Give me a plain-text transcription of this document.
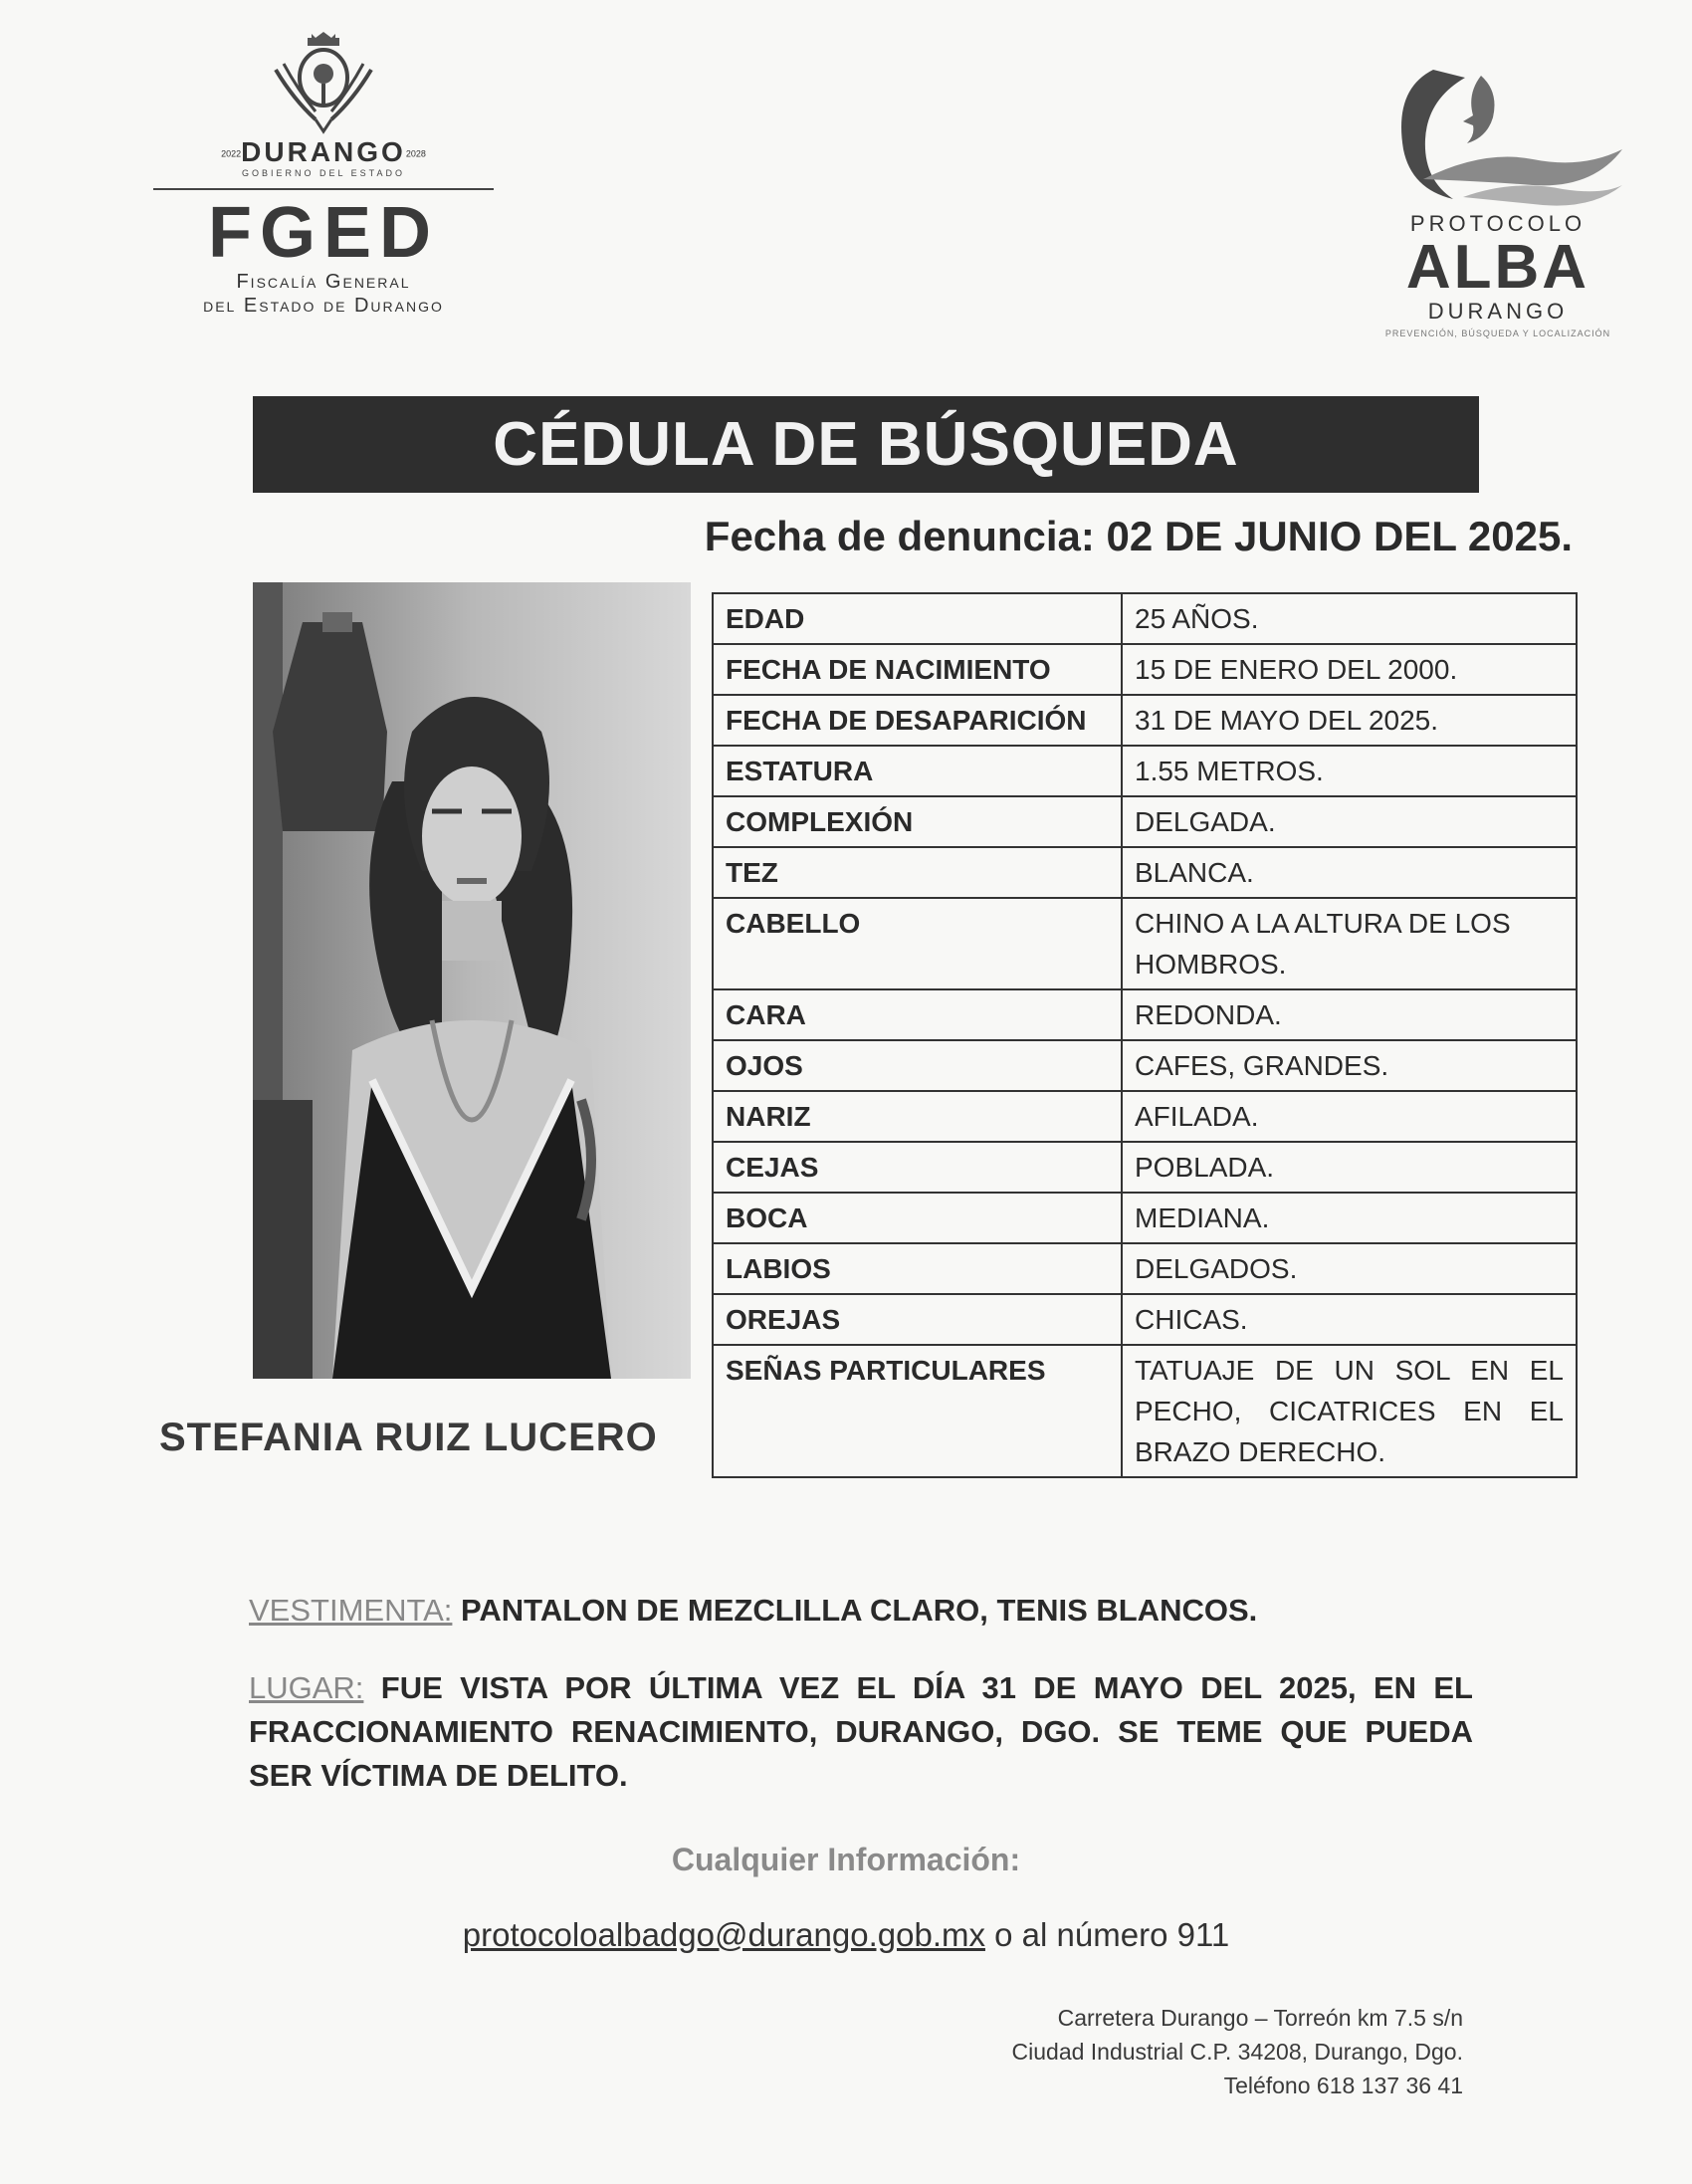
2022DURANGO2028
GOBIERNO DEL ESTADO
FGED
Fiscalía General
del Estado de Durango
PROTOCOLO
ALBA
DURANGO
PREVENCIÓN, BÚSQUEDA Y LOCALIZACIÓN
CÉDULA DE BÚSQUEDA
Fecha de denuncia: 02 DE JUNIO DEL 2025.
EDAD	25 AÑOS.
FECHA DE NACIMIENTO	15 DE ENERO DEL 2000.
FECHA DE DESAPARICIÓN	31 DE MAYO DEL 2025.
ESTATURA	1.55 METROS.
COMPLEXIÓN	DELGADA.
TEZ	BLANCA.
CABELLO	CHINO A LA ALTURA DE LOS HOMBROS.
CARA	REDONDA.
OJOS	CAFES, GRANDES.
NARIZ	AFILADA.
CEJAS	POBLADA.
BOCA	MEDIANA.
LABIOS	DELGADOS.
OREJAS	CHICAS.
SEÑAS PARTICULARES	TATUAJE DE UN SOL EN EL PECHO, CICATRICES EN EL BRAZO DERECHO.
STEFANIA RUIZ LUCERO
VESTIMENTA: PANTALON DE MEZCLILLA CLARO, TENIS BLANCOS.
LUGAR: FUE VISTA POR ÚLTIMA VEZ EL DÍA 31 DE MAYO DEL 2025, EN EL FRACCIONAMIENTO RENACIMIENTO, DURANGO, DGO. SE TEME QUE PUEDA SER VÍCTIMA DE DELITO.
Cualquier Información:
protocoloalbadgo@durango.gob.mx o al número 911
Carretera Durango – Torreón km 7.5 s/n
Ciudad Industrial C.P. 34208, Durango, Dgo.
Teléfono 618 137 36 41
